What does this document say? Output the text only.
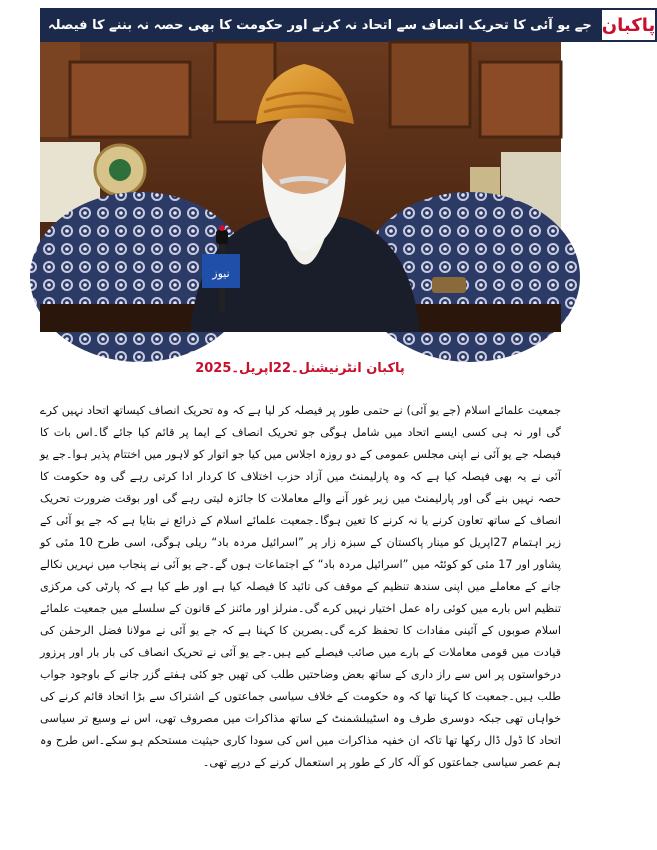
جے یو آئی کا تحریک انصاف سے اتحاد نہ کرنے اور حکومت کا بھی حصہ نہ بننے کا فیصلہ پاکبان
نیوز
پاکبان انٹرنیشنل۔22اپریل۔2025

جمعیت علمائے اسلام (جے یو آئی) نے حتمی طور پر فیصلہ کر لیا ہے کہ وہ تحریک انصاف کیساتھ اتحاد نہیں کرے گی اور نہ ہی کسی ایسے اتحاد میں شامل ہوگی جو تحریک انصاف کے ایما پر قائم کیا جائے گا۔اس بات کا فیصلہ جے یو آئی نے اپنی مجلس عمومی کے دو روزہ اجلاس میں کیا جو اتوار کو لاہور میں اختتام پذیر ہوا۔جے یو آئی نے یہ بھی فیصلہ کیا ہے کہ وہ پارلیمنٹ میں آزاد حزب اختلاف کا کردار ادا کرتی رہے گی وہ حکومت کا حصہ نہیں بنے گی اور پارلیمنٹ میں زیر غور آنے والے معاملات کا جائزہ لیتی رہے گی اور بوقت ضرورت تحریک انصاف کے ساتھ تعاون کرنے یا نہ کرنے کا تعین ہوگا۔جمعیت علمائے اسلام کے ذرائع نے بتایا ہے کہ جے یو آئی کے زیر اہتمام 27اپریل کو مینار پاکستان کے سبزہ زار پر ”اسرائیل مردہ باد“ ریلی ہوگی، اسی طرح 10 مئی کو پشاور اور 17 مئی کو کوئٹہ میں ”اسرائیل مردہ باد“ کے اجتماعات ہوں گے۔جے یو آئی نے پنجاب میں نہریں نکالے جانے کے معاملے میں اپنی سندھ تنظیم کے موقف کی تائید کا فیصلہ کیا ہے اور طے کیا ہے کہ پارٹی کی مرکزی تنظیم اس بارے میں کوئی راہ عمل اختیار نہیں کرے گی۔منرلز اور مائنز کے قانون کے سلسلے میں جمعیت علمائے اسلام صوبوں کے آئینی مفادات کا تحفظ کرے گی۔بصرین کا کہنا ہے کہ جے یو آئی نے مولانا فضل الرحمٰن کی قیادت میں قومی معاملات کے بارے میں صائب فیصلے کیے ہیں۔جے یو آئی نے تحریک انصاف کی بار بار اور پرزور درخواستوں پر اس سے راز داری کے ساتھ بعض وضاحتیں طلب کی تھیں جو کئی ہفتے گزر جانے کے باوجود جواب طلب ہیں۔جمعیت کا کہنا تھا کہ وہ حکومت کے خلاف سیاسی جماعتوں کے اشتراک سے بڑا اتحاد قائم کرنے کی خواہاں تھی جبکہ دوسری طرف وہ اسٹیبلشمنٹ کے ساتھ مذاکرات میں مصروف تھی، اس نے وسیع تر سیاسی اتحاد کا ڈول ڈال رکھا تھا تاکہ ان خفیہ مذاکرات میں اس کی سودا کاری حیثیت مستحکم ہو سکے۔اس طرح وہ ہم عصر سیاسی جماعتوں کو آلہ کار کے طور پر استعمال کرنے کے درپے تھی۔
